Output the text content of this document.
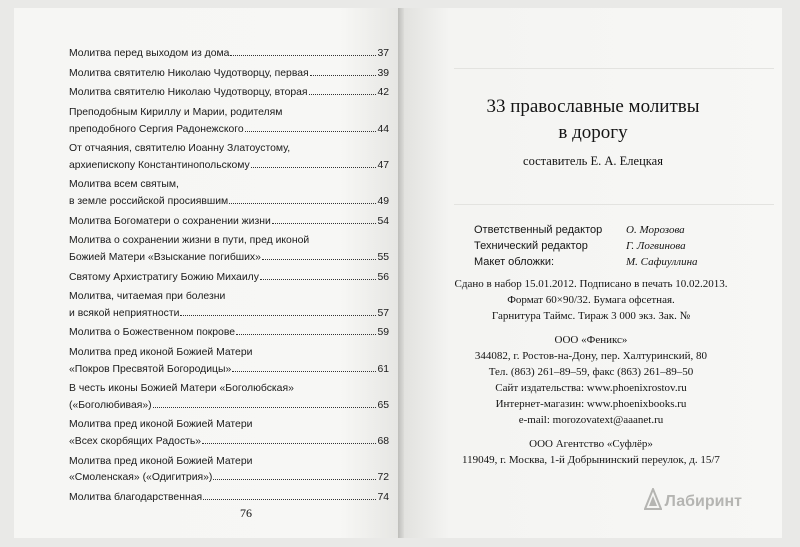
Молитва перед выходом из дома	37
Молитва святителю Николаю Чудотворцу, первая	39
Молитва святителю Николаю Чудотворцу, вторая	42
Преподобным Кириллу и Марии, родителям
преподобного Сергия Радонежского	44
От отчаяния, святителю Иоанну Златоустому,
архиепископу Константинопольскому	47
Молитва всем святым,
в земле российской просиявшим	49
Молитва Богоматери о сохранении жизни	54
Молитва о сохранении жизни в пути, пред иконой
Божией Матери «Взыскание погибших»	55
Святому Архистратигу Божию Михаилу	56
Молитва, читаемая при болезни
и всякой неприятности	57
Молитва о Божественном покрове	59
Молитва пред иконой Божией Матери
«Покров Пресвятой Богородицы»	61
В честь иконы Божией Матери «Боголюбская»
(«Боголюбивая»)	65
Молитва пред иконой Божией Матери
«Всех скорбящих Радость»	68
Молитва пред иконой Божией Матери
«Смоленская» («Одигитрия»)	72
Молитва благодарственная	74
76
33 православные молитвы
в дорогу
составитель Е. А. Елецкая
Ответственный редактор	О. Морозова
Технический редактор	Г. Логвинова
Макет обложки:	М. Сафиуллина
Сдано в набор 15.01.2012. Подписано в печать 10.02.2013.
Формат 60×90/32. Бумага офсетная.
Гарнитура Таймс. Тираж 3 000 экз. Зак. №
ООО «Феникс»
344082, г. Ростов-на-Дону, пер. Халтуринский, 80
Тел. (863) 261–89–59, факс (863) 261–89–50
Сайт издательства: www.phoenixrostov.ru
Интернет-магазин: www.phoenixbooks.ru
e-mail: morozovatext@aaanet.ru
ООО Агентство «Суфлёр»
119049, г. Москва, 1-й Добрынинский переулок, д. 15/7
Лабиринт
